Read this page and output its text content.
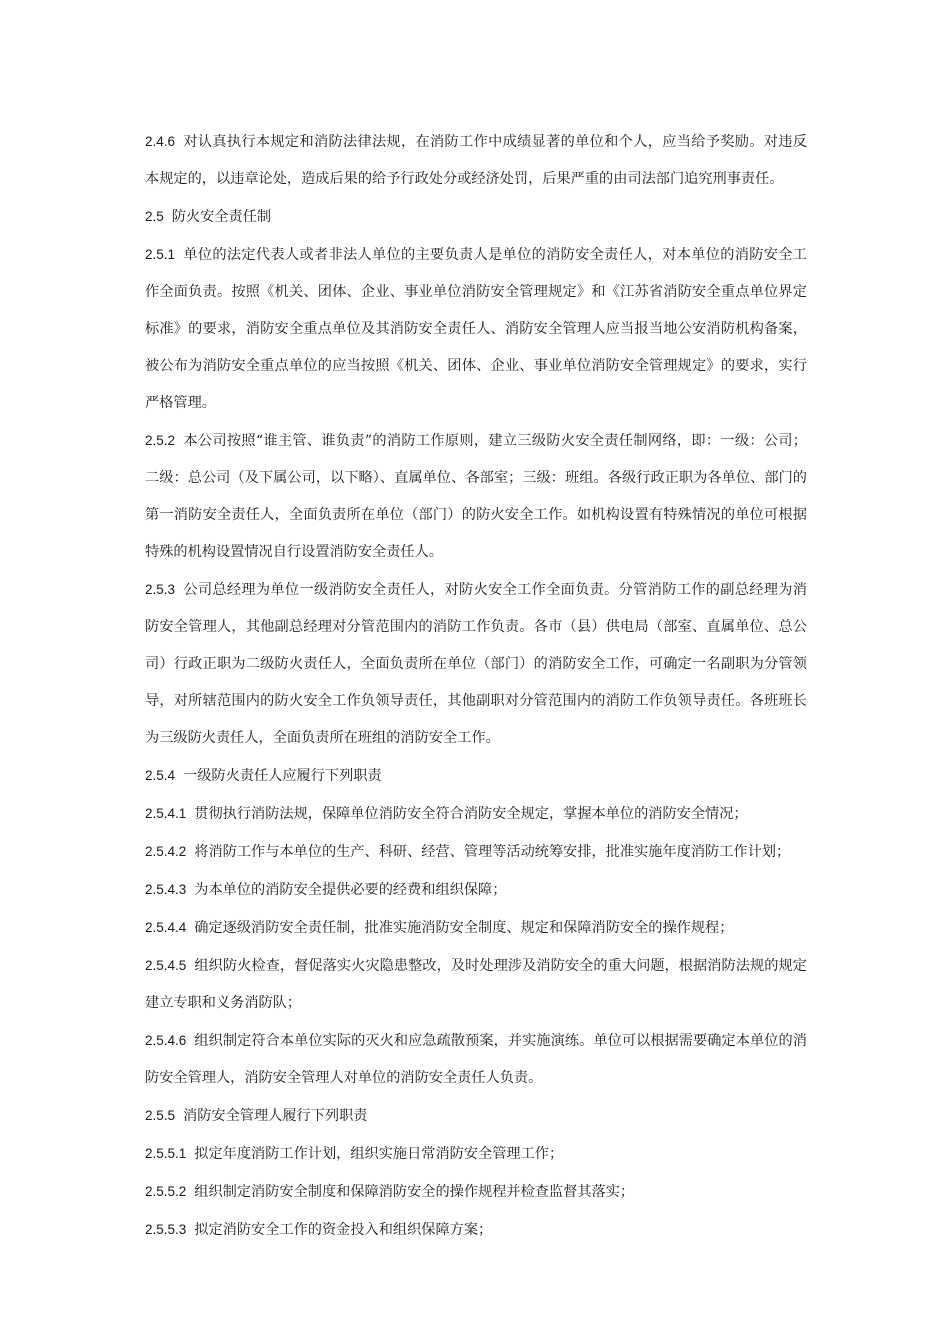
2.4.6 对认真执行本规定和消防法律法规，在消防工作中成绩显著的单位和个人，应当给予奖励。对违反本规定的，以违章论处，造成后果的给予行政处分或经济处罚，后果严重的由司法部门追究刑事责任。

2.5 防火安全责任制

2.5.1 单位的法定代表人或者非法人单位的主要负责人是单位的消防安全责任人，对本单位的消防安全工作全面负责。按照《机关、团体、企业、事业单位消防安全管理规定》和《江苏省消防安全重点单位界定标准》的要求，消防安全重点单位及其消防安全责任人、消防安全管理人应当报当地公安消防机构备案，被公布为消防安全重点单位的应当按照《机关、团体、企业、事业单位消防安全管理规定》的要求，实行严格管理。

2.5.2 本公司按照“谁主管、谁负责”的消防工作原则，建立三级防火安全责任制网络，即：一级：公司；二级：总公司（及下属公司，以下略）、直属单位、各部室；三级：班组。各级行政正职为各单位、部门的第一消防安全责任人，全面负责所在单位（部门）的防火安全工作。如机构设置有特殊情况的单位可根据特殊的机构设置情况自行设置消防安全责任人。

2.5.3 公司总经理为单位一级消防安全责任人，对防火安全工作全面负责。分管消防工作的副总经理为消防安全管理人，其他副总经理对分管范围内的消防工作负责。各市（县）供电局（部室、直属单位、总公司）行政正职为二级防火责任人，全面负责所在单位（部门）的消防安全工作，可确定一名副职为分管领导，对所辖范围内的防火安全工作负领导责任，其他副职对分管范围内的消防工作负领导责任。各班班长为三级防火责任人，全面负责所在班组的消防安全工作。

2.5.4 一级防火责任人应履行下列职责

2.5.4.1 贯彻执行消防法规，保障单位消防安全符合消防安全规定，掌握本单位的消防安全情况；

2.5.4.2 将消防工作与本单位的生产、科研、经营、管理等活动统筹安排，批准实施年度消防工作计划；

2.5.4.3 为本单位的消防安全提供必要的经费和组织保障；

2.5.4.4 确定逐级消防安全责任制，批准实施消防安全制度、规定和保障消防安全的操作规程；

2.5.4.5 组织防火检查，督促落实火灾隐患整改，及时处理涉及消防安全的重大问题，根据消防法规的规定建立专职和义务消防队；

2.5.4.6 组织制定符合本单位实际的灭火和应急疏散预案，并实施演练。单位可以根据需要确定本单位的消防安全管理人，消防安全管理人对单位的消防安全责任人负责。

2.5.5 消防安全管理人履行下列职责

2.5.5.1 拟定年度消防工作计划，组织实施日常消防安全管理工作；

2.5.5.2 组织制定消防安全制度和保障消防安全的操作规程并检查监督其落实；

2.5.5.3 拟定消防安全工作的资金投入和组织保障方案；
